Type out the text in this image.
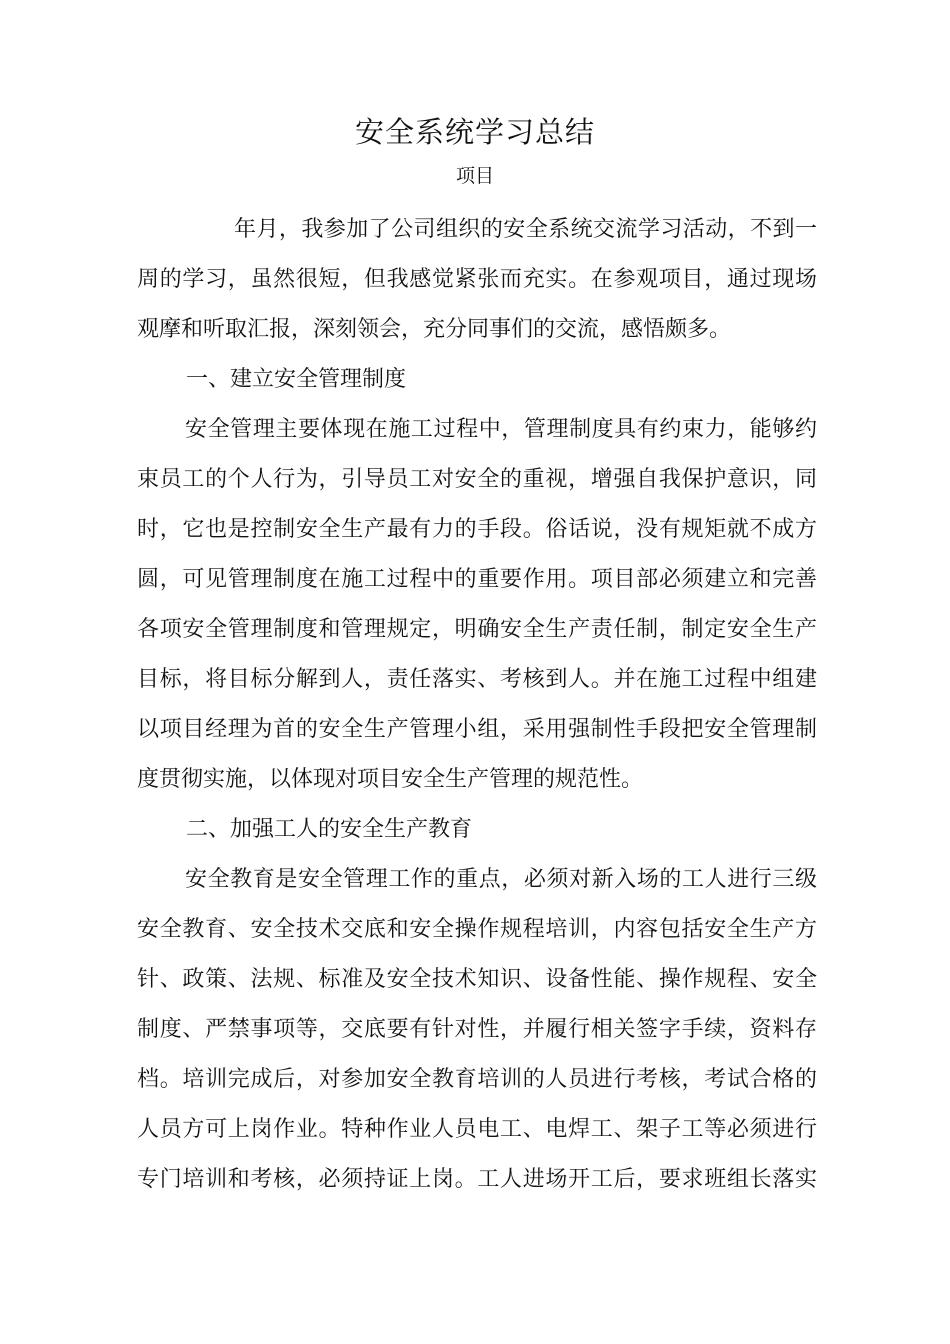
安全系统学习总结
项目
年月，我参加了公司组织的安全系统交流学习活动，不到一
周的学习，虽然很短，但我感觉紧张而充实。在参观项目，通过现场
观摩和听取汇报，深刻领会，充分同事们的交流，感悟颇多。
一、建立安全管理制度
安全管理主要体现在施工过程中，管理制度具有约束力，能够约
束员工的个人行为，引导员工对安全的重视，增强自我保护意识，同
时，它也是控制安全生产最有力的手段。俗话说，没有规矩就不成方
圆，可见管理制度在施工过程中的重要作用。项目部必须建立和完善
各项安全管理制度和管理规定，明确安全生产责任制，制定安全生产
目标，将目标分解到人，责任落实、考核到人。并在施工过程中组建
以项目经理为首的安全生产管理小组，采用强制性手段把安全管理制
度贯彻实施，以体现对项目安全生产管理的规范性。
二、加强工人的安全生产教育
安全教育是安全管理工作的重点，必须对新入场的工人进行三级
安全教育、安全技术交底和安全操作规程培训，内容包括安全生产方
针、政策、法规、标准及安全技术知识、设备性能、操作规程、安全
制度、严禁事项等，交底要有针对性，并履行相关签字手续，资料存
档。培训完成后，对参加安全教育培训的人员进行考核，考试合格的
人员方可上岗作业。特种作业人员电工、电焊工、架子工等必须进行
专门培训和考核，必须持证上岗。工人进场开工后，要求班组长落实
